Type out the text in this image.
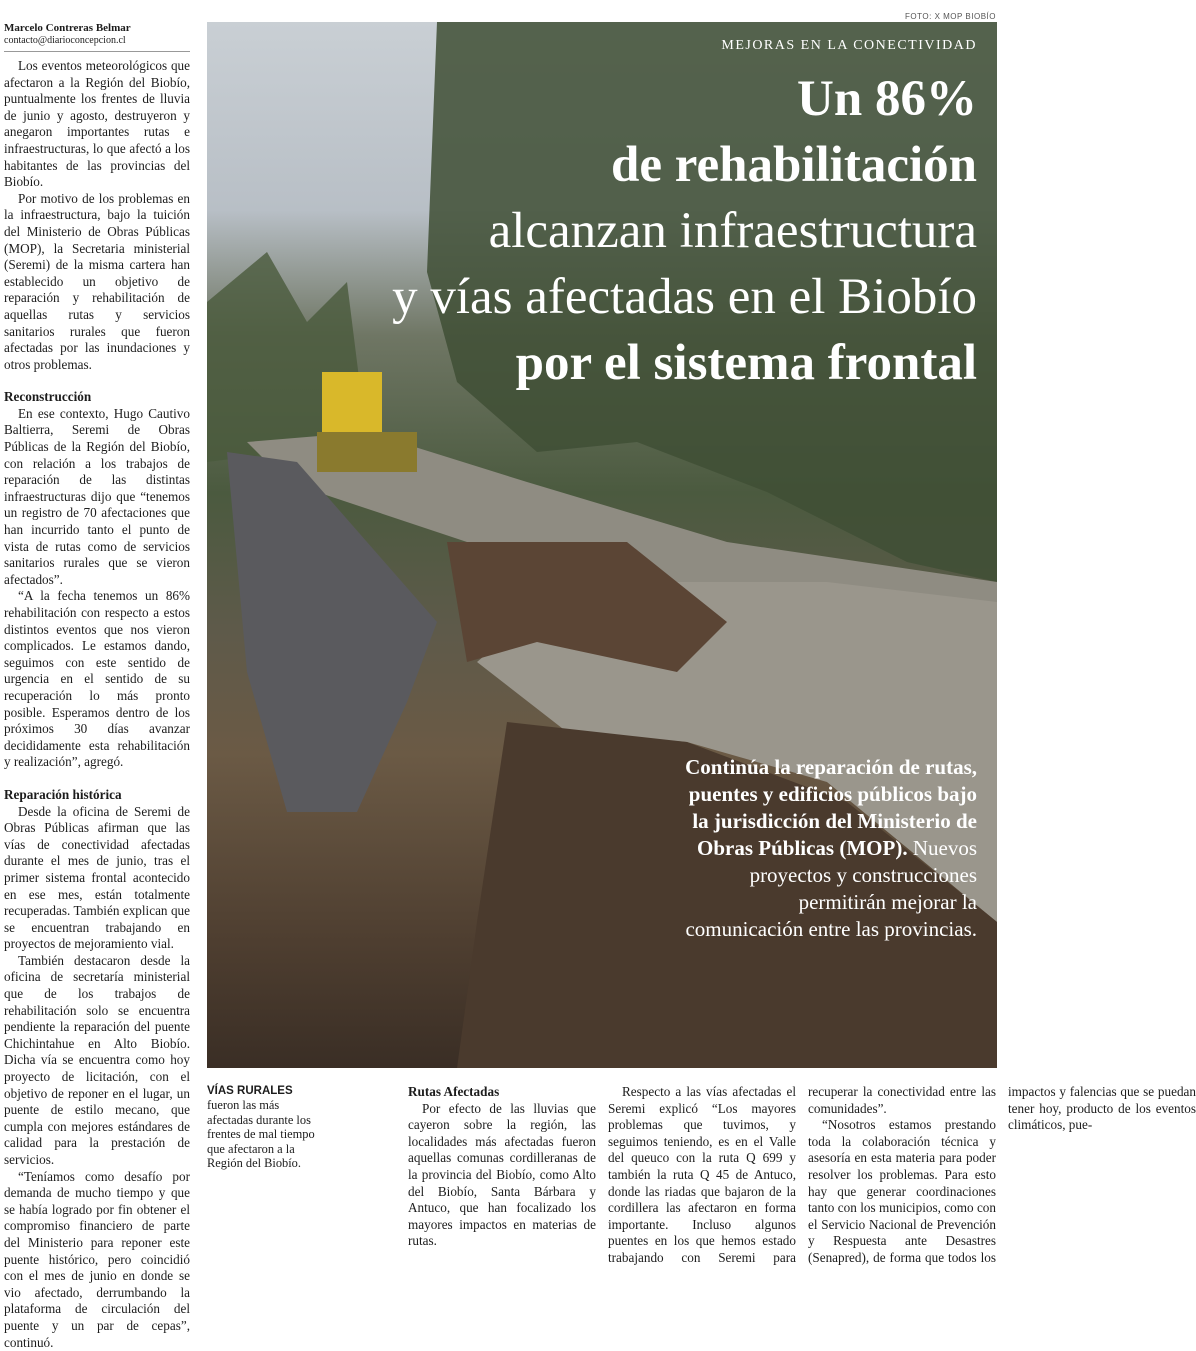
Marcelo Contreras Belmar
contacto@diarioconcepcion.cl

Los eventos meteorológicos que afectaron a la Región del Biobío, puntualmente los frentes de lluvia de junio y agosto, destruyeron y anegaron importantes rutas e infraestructuras, lo que afectó a los habitantes de las provincias del Biobío.

Por motivo de los problemas en la infraestructura, bajo la tuición del Ministerio de Obras Públicas (MOP), la Secretaria ministerial (Seremi) de la misma cartera han establecido un objetivo de reparación y rehabilitación de aquellas rutas y servicios sanitarios rurales que fueron afectadas por las inundaciones y otros problemas.

Reconstrucción

En ese contexto, Hugo Cautivo Baltierra, Seremi de Obras Públicas de la Región del Biobío, con relación a los trabajos de reparación de las distintas infraestructuras dijo que “tenemos un registro de 70 afectaciones que han incurrido tanto el punto de vista de rutas como de servicios sanitarios rurales que se vieron afectados”.

“A la fecha tenemos un 86% rehabilitación con respecto a estos distintos eventos que nos vieron complicados. Le estamos dando, seguimos con este sentido de urgencia en el sentido de su recuperación lo más pronto posible. Esperamos dentro de los próximos 30 días avanzar decididamente esta rehabilitación y realización”, agregó.

Reparación histórica

Desde la oficina de Seremi de Obras Públicas afirman que las vías de conectividad afectadas durante el mes de junio, tras el primer sistema frontal acontecido en ese mes, están totalmente recuperadas. También explican que se encuentran trabajando en proyectos de mejoramiento vial.

También destacaron desde la oficina de secretaría ministerial que de los trabajos de rehabilitación solo se encuentra pendiente la reparación del puente Chichintahue en Alto Biobío. Dicha vía se encuentra como hoy proyecto de licitación, con el objetivo de reponer en el lugar, un puente de estilo mecano, que cumpla con mejores estándares de calidad para la prestación de servicios.

“Teníamos como desafío por demanda de mucho tiempo y que se había logrado por fin obtener el compromiso financiero de parte del Ministerio para reponer este puente histórico, pero coincidió con el mes de junio en donde se vio afectado, derrumbando la plataforma de circulación del puente y un par de cepas”, continuó.

FOTO: X MOP BIOBÍO
MEJORAS EN LA CONECTIVIDAD
Un 86%
de rehabilitación
alcanzan infraestructura
y vías afectadas en el Biobío
por el sistema frontal
Continúa la reparación de rutas, puentes y edificios públicos bajo la jurisdicción del Ministerio de Obras Públicas (MOP). Nuevos proyectos y construcciones permitirán mejorar la comunicación entre las provincias.
VÍAS RURALES
fueron las más afectadas durante los frentes de mal tiempo que afectaron a la Región del Biobío.
Rutas Afectadas

Por efecto de las lluvias que cayeron sobre la región, las localidades más afectadas fueron aquellas comunas cordilleranas de la provincia del Biobío, como Alto del Biobío, Santa Bárbara y Antuco, que han focalizado los mayores impactos en materias de rutas.

Respecto a las vías afectadas el Seremi explicó “Los mayores problemas que tuvimos, y seguimos teniendo, es en el Valle del queuco con la ruta Q 699 y también la ruta Q 45 de Antuco, donde las riadas que bajaron de la cordillera las afectaron en forma importante. Incluso algunos puentes en los que hemos estado trabajando con Seremi para recuperar la conectividad entre las comunidades”.

“Nosotros estamos prestando toda la colaboración técnica y asesoría en esta materia para poder resolver los problemas. Para esto hay que generar coordinaciones tanto con los municipios, como con el Servicio Nacional de Prevención y Respuesta ante Desastres (Senapred), de forma que todos los impactos y falencias que se puedan tener hoy, producto de los eventos climáticos, pue-
